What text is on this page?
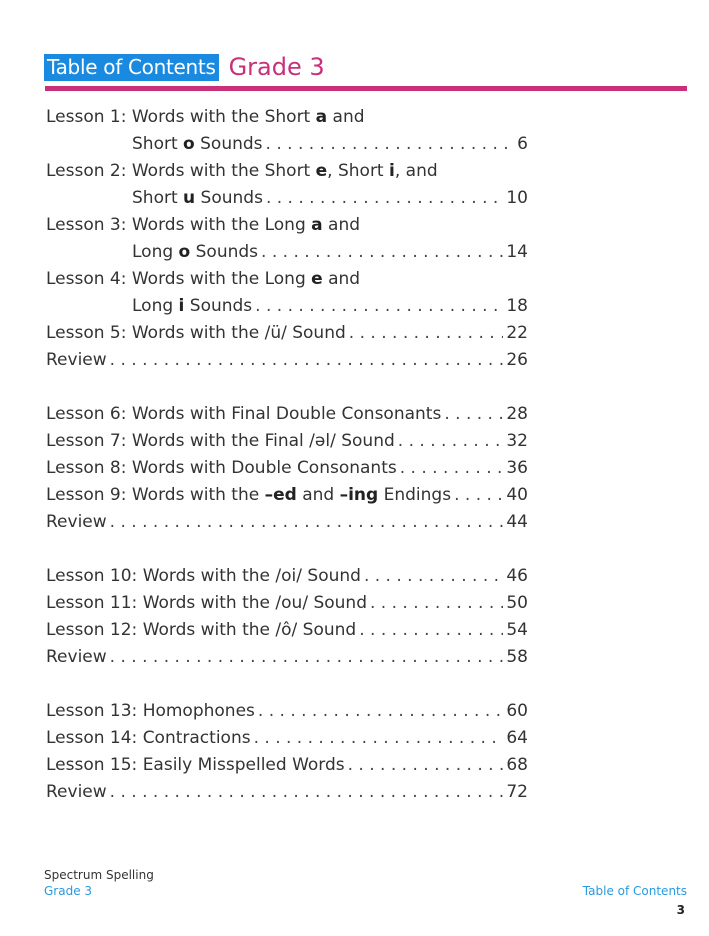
Table of Contents Grade 3
Lesson 1: Words with the Short a and
Short o Sounds . . .	6
Lesson 2: Words with the Short e, Short i, and
Short u Sounds . . .	10
Lesson 3: Words with the Long a and
Long o Sounds . . .	14
Lesson 4: Words with the Long e and
Long i Sounds . . .	18
Lesson 5: Words with the /ü/ Sound . . .	22
Review . . .	26
Lesson 6: Words with Final Double Consonants . . .	28
Lesson 7: Words with the Final /əl/ Sound . . .	32
Lesson 8: Words with Double Consonants . . .	36
Lesson 9: Words with the –ed and –ing Endings . . .	40
Review . . .	44
Lesson 10: Words with the /oi/ Sound . . .	46
Lesson 11: Words with the /ou/ Sound . . .	50
Lesson 12: Words with the /ô/ Sound . . .	54
Review . . .	58
Lesson 13: Homophones . . .	60
Lesson 14: Contractions . . .	64
Lesson 15: Easily Misspelled Words . . .	68
Review . . .	72
Spectrum Spelling
Grade 3	Table of Contents
3
